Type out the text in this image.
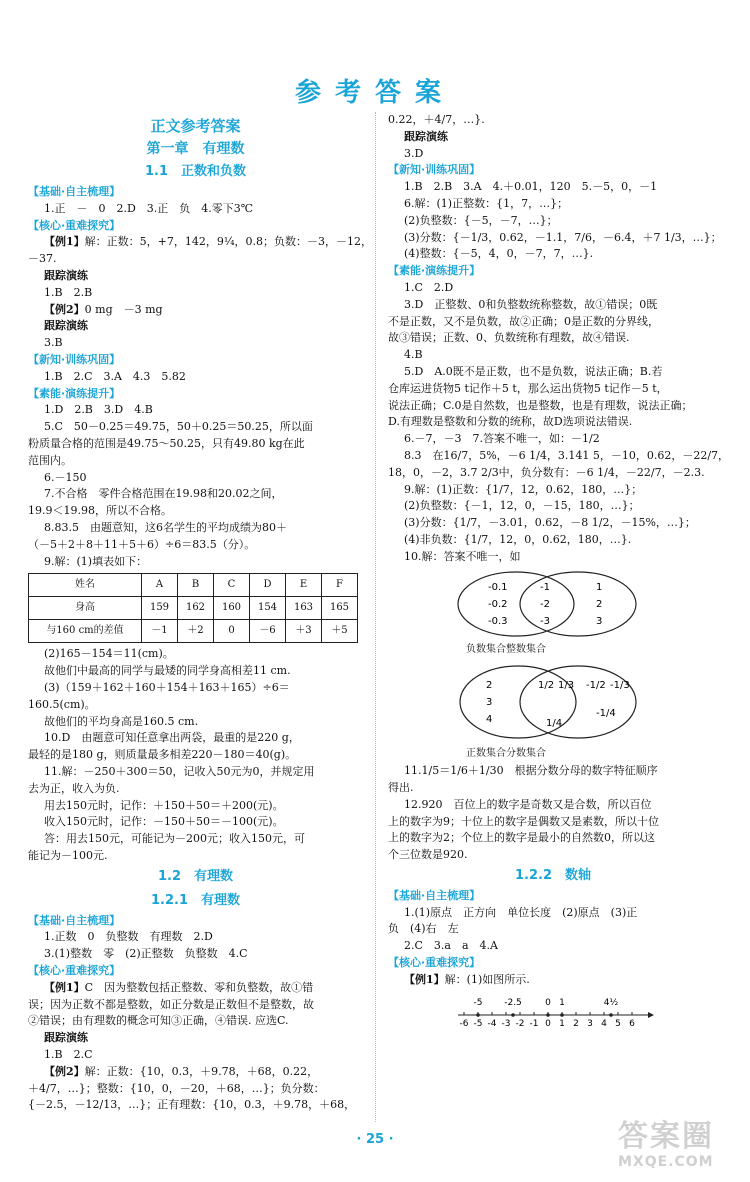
参考答案
正文参考答案
第一章　有理数
1.1　正数和负数
【基础·自主梳理】
1.正　－　0　2.D　3.正　负　4.零下3℃
【核心·重难探究】
【例1】解：正数：5，+7，142，9¹⁄₄，0.8；负数：－3，－12，
－37.
跟踪演练
1.B　2.B
【例2】0 mg　－3 mg
跟踪演练
3.B
【新知·训练巩固】
1.B　2.C　3.A　4.3　5.82
【素能·演练提升】
1.D　2.B　3.D　4.B
5.C　50－0.25＝49.75，50＋0.25＝50.25，所以面
粉质量合格的范围是49.75～50.25，只有49.80 kg在此
范围内。
6.－150
7.不合格　零件合格范围在19.98和20.02之间，
19.9＜19.98，所以不合格。
8.83.5　由题意知，这6名学生的平均成绩为80＋
（－5＋2＋8＋11＋5＋6）÷6＝83.5（分）。
9.解：(1)填表如下：
姓名	A	B	C	D	E	F
身高	159	162	160	154	163	165
与160 cm的差值	－1	＋2	0	－6	＋3	＋5
(2)165－154＝11(cm)。
故他们中最高的同学与最矮的同学身高相差11 cm.
(3)（159＋162＋160＋154＋163＋165）÷6＝
160.5(cm)。
故他们的平均身高是160.5 cm.
10.D　由题意可知任意拿出两袋，最重的是220 g，
最轻的是180 g，则质量最多相差220－180＝40(g)。
11.解：－250＋300＝50，记收入50元为0，并规定用
去为正，收入为负.
用去150元时，记作：＋150＋50＝＋200(元)。
收入150元时，记作：－150＋50＝－100(元)。
答：用去150元，可能记为－200元；收入150元，可
能记为－100元.
1.2　有理数
1.2.1　有理数
【基础·自主梳理】
1.正数　0　负整数　有理数　2.D
3.(1)整数　零　(2)正整数　负整数　4.C
【核心·重难探究】
【例1】C　因为整数包括正整数、零和负整数，故①错
误；因为正数不都是整数，如正分数是正数但不是整数，故
②错误；由有理数的概念可知③正确，④错误. 应选C.
跟踪演练
1.B　2.C
【例2】解：正数：{10，0.3，＋9.78，＋68，0.22，
＋4/7，…}；整数：{10，0，－20，＋68，…}；负分数：
{－2.5，－12/13，…}；正有理数：{10，0.3，＋9.78，＋68，
0.22，＋4/7，…}.
跟踪演练
3.D
【新知·训练巩固】
1.B　2.B　3.A　4.＋0.01，120　5.－5，0，－1
6.解：(1)正整数：{1，7，…}；
(2)负整数：{－5，－7，…}；
(3)分数：{－1/3，0.62，－1.1，7/6，－6.4，＋7 1/3，…}；
(4)整数：{－5，4，0，－7，7，…}.
【素能·演练提升】
1.C　2.D
3.D　正整数、0和负整数统称整数，故①错误；0既
不是正数，又不是负数，故②正确；0是正数的分界线，
故③错误；正数、0、负数统称有理数，故④错误.
4.B
5.D　A.0既不是正数，也不是负数，说法正确；B.若
仓库运进货物5 t记作＋5 t，那么运出货物5 t记作－5 t，
说法正确；C.0是自然数，也是整数，也是有理数，说法正确；
D.有理数是整数和分数的统称，故D选项说法错误.
6.－7，－3　7.答案不唯一，如：－1/2
8.3　在16/7，5%，－6 1/4，3.141 5，－10，0.62，－22/7，
18，0，－2，3.7 2/3中，负分数有：－6 1/4，－22/7，－2.3.
9.解：(1)正数：{1/7，12，0.62，180，…}；
(2)负整数：{－1，12，0，－15，180，…}；
(3)分数：{1/7，－3.01，0.62，－8 1/2，－15%，…}；
(4)非负数：{1/7，12，0，0.62，180，…}.
10.解：答案不唯一，如
-0.1
-0.2
-0.3
-1
-2
-3
1
2
3
负数集合整数集合
2
3
4
1/2 1/3
1/4
-1/2 -1/3
-1/4
正数集合分数集合
11.1/5＝1/6＋1/30　根据分数分母的数字特征顺序
得出.
12.920　百位上的数字是奇数又是合数，所以百位
上的数字为9；十位上的数字是偶数又是素数，所以十位
上的数字为2；个位上的数字是最小的自然数0，所以这
个三位数是920.
1.2.2　数轴
【基础·自主梳理】
1.(1)原点　正方向　单位长度　(2)原点　(3)正
负　(4)右　左
2.C　3.a　a　4.A
【核心·重难探究】
【例1】解：(1)如图所示.
-6 -5 -4 -3 -2 -1 0 1 2 3 4 5 6
-5 -2.5	0 1	4½
· 25 ·	答案圈
MXQE.COM
